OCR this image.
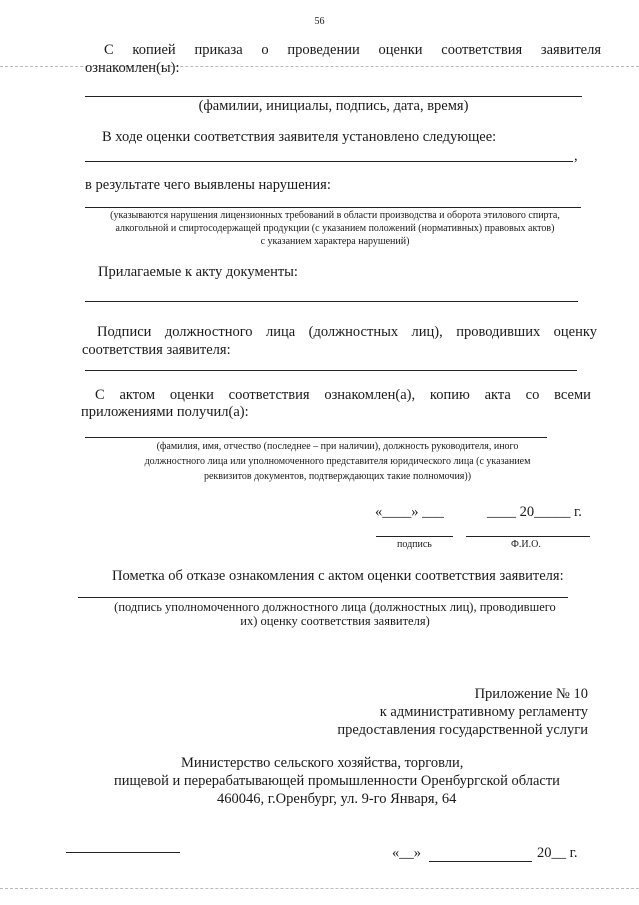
56
С копией приказа о проведении оценки соответствия заявителя
ознакомлен(ы):
(фамилии, инициалы, подпись, дата, время)
В ходе оценки соответствия заявителя установлено следующее:
,
в результате чего выявлены нарушения:
(указываются нарушения лицензионных требований в области производства и оборота этилового спирта,
алкогольной и спиртосодержащей продукции (с указанием положений (нормативных) правовых актов)
с указанием характера нарушений)
Прилагаемые к акту документы:
Подписи должностного лица (должностных лиц), проводивших оценку
соответствия заявителя:
С актом оценки соответствия ознакомлен(а), копию акта со всеми
приложениями получил(а):
(фамилия, имя, отчество (последнее – при наличии), должность руководителя, иного
должностного лица или уполномоченного представителя юридического лица (с указанием
реквизитов документов, подтверждающих такие полномочия))
«____» ___	____ 20_____ г.
подпись	Ф.И.О.
Пометка об отказе ознакомления с актом оценки соответствия заявителя:
(подпись уполномоченного должностного лица (должностных лиц), проводившего
их) оценку соответствия заявителя)
Приложение № 10
к административному регламенту
предоставления государственной услуги
Министерство сельского хозяйства, торговли,
пищевой и перерабатывающей промышленности Оренбургской области
460046, г.Оренбург, ул. 9-го Января, 64
«__»	20__ г.
